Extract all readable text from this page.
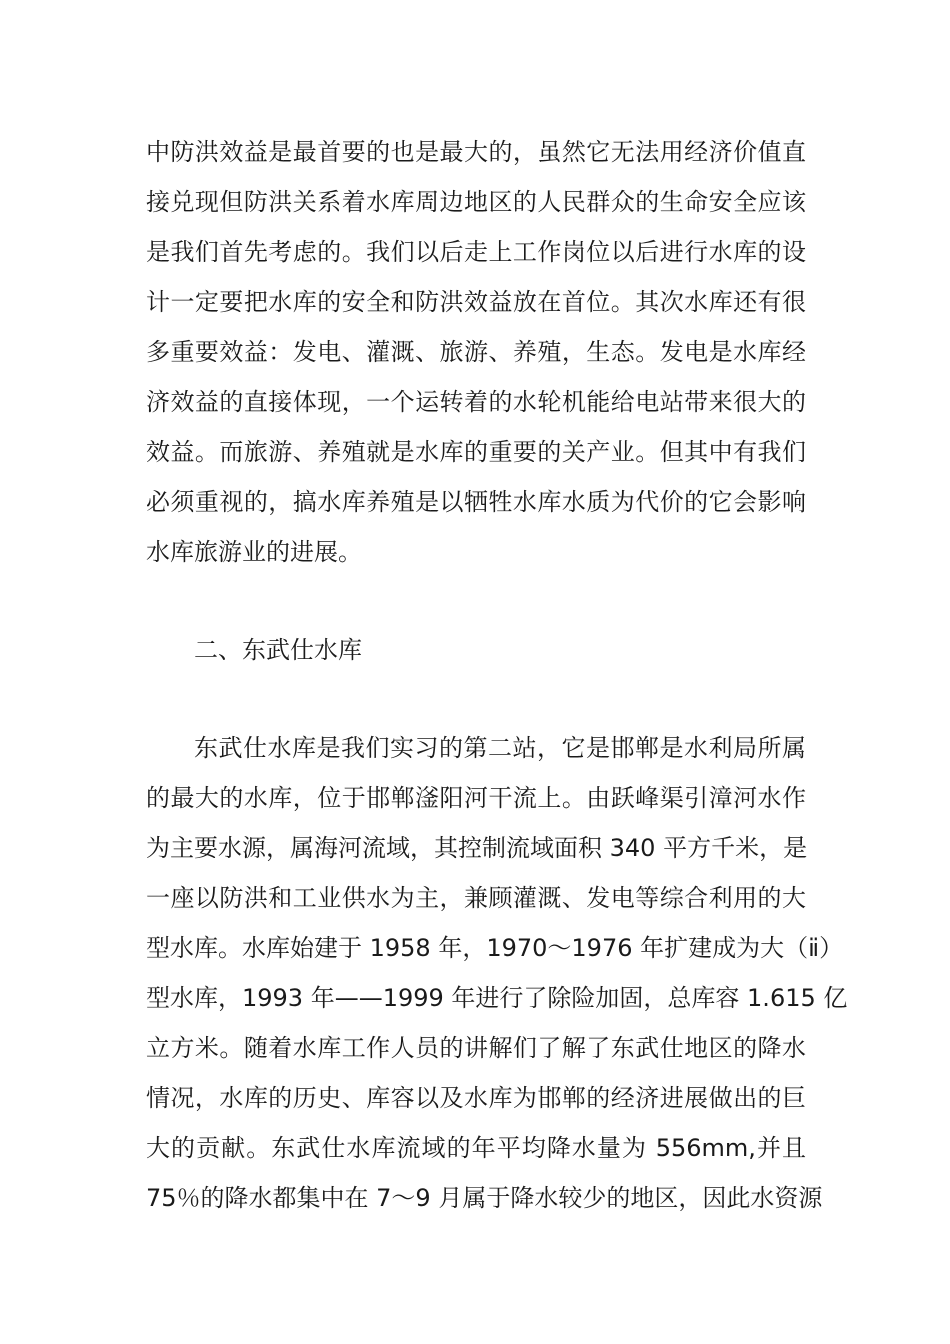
中防洪效益是最首要的也是最大的，虽然它无法用经济价值直
接兑现但防洪关系着水库周边地区的人民群众的生命安全应该
是我们首先考虑的。我们以后走上工作岗位以后进行水库的设
计一定要把水库的安全和防洪效益放在首位。其次水库还有很
多重要效益：发电、灌溉、旅游、养殖，生态。发电是水库经
济效益的直接体现，一个运转着的水轮机能给电站带来很大的
效益。而旅游、养殖就是水库的重要的关产业。但其中有我们
必须重视的，搞水库养殖是以牺牲水库水质为代价的它会影响
水库旅游业的进展。
二、东武仕水库
东武仕水库是我们实习的第二站，它是邯郸是水利局所属
的最大的水库，位于邯郸滏阳河干流上。由跃峰渠引漳河水作
为主要水源，属海河流域，其控制流域面积 340 平方千米，是
一座以防洪和工业供水为主，兼顾灌溉、发电等综合利用的大
型水库。水库始建于 1958 年，1970～1976 年扩建成为大（ⅱ）
型水库，1993 年——1999 年进行了除险加固，总库容 1.615 亿
立方米。随着水库工作人员的讲解们了解了东武仕地区的降水
情况，水库的历史、库容以及水库为邯郸的经济进展做出的巨
大的贡献。东武仕水库流域的年平均降水量为 556mm,并且
75％的降水都集中在 7～9 月属于降水较少的地区，因此水资源
